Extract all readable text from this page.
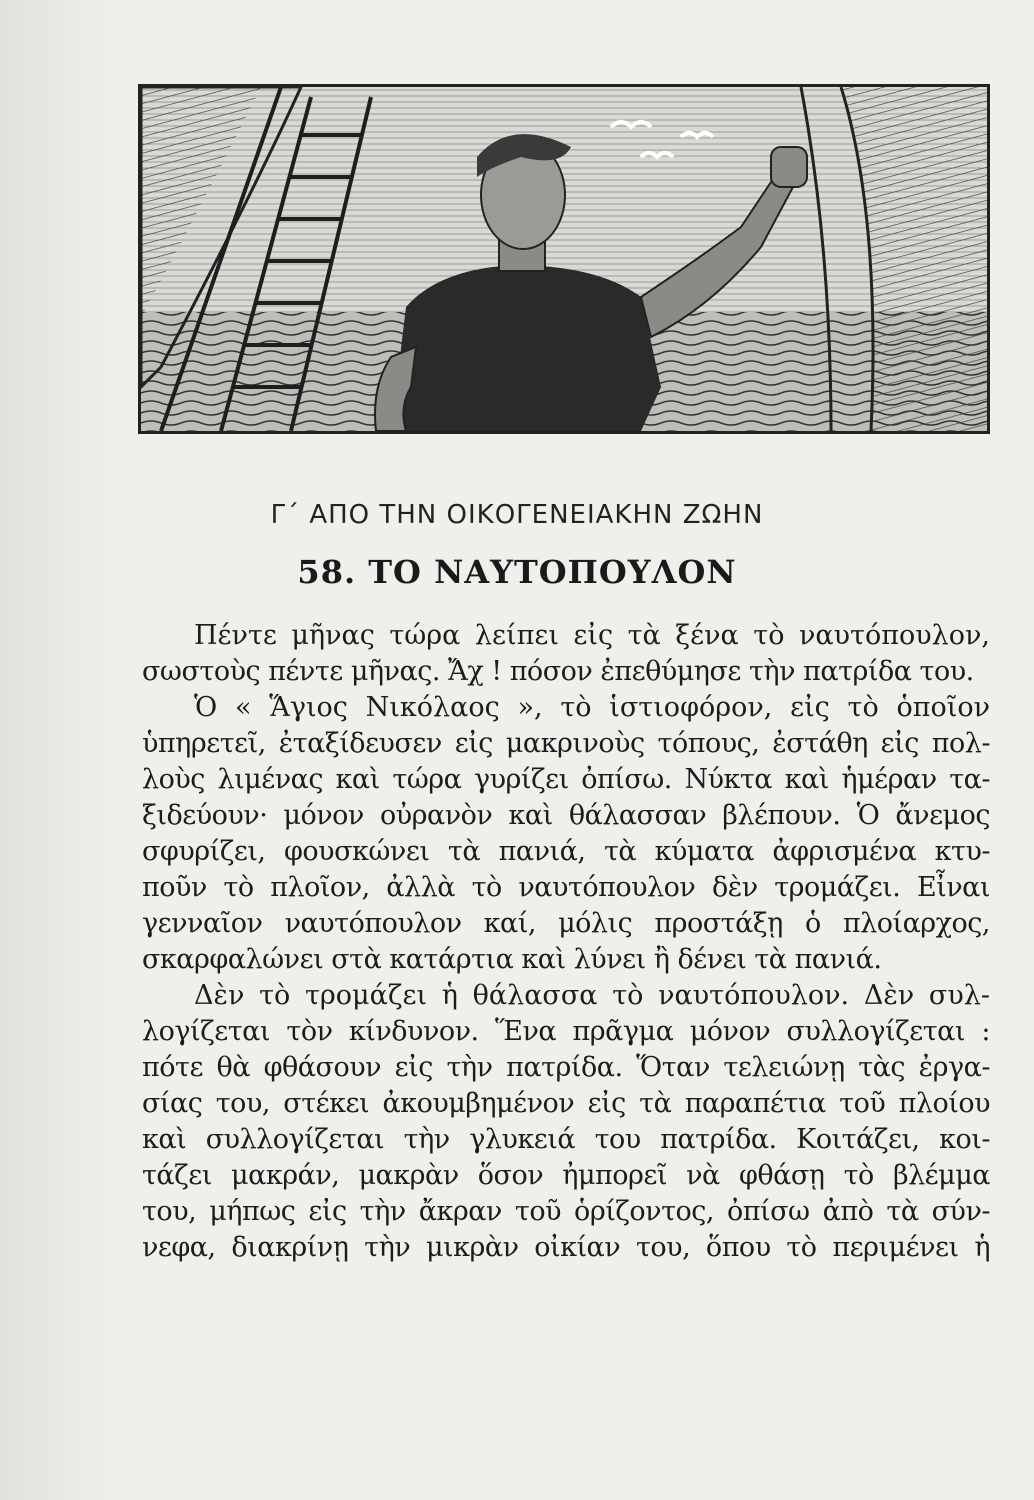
Γ΄ ΑΠΟ ΤΗΝ ΟΙΚΟΓΕΝΕΙΑΚΗΝ ΖΩΗΝ
58. ΤΟ ΝΑΥΤΟΠΟΥΛΟΝ
Πέντε μῆνας τώρα λείπει εἰς τὰ ξένα τὸ ναυτόπουλον,
σωστοὺς πέντε μῆνας. Ἄχ ! πόσον ἐπεθύμησε τὴν πατρίδα του.
Ὁ « Ἅγιος Νικόλαος », τὸ ἱστιοφόρον, εἰς τὸ ὁποῖον
ὑπηρετεῖ, ἐταξίδευσεν εἰς μακρινοὺς τόπους, ἐστάθη εἰς πολ-
λοὺς λιμένας καὶ τώρα γυρίζει ὀπίσω. Νύκτα καὶ ἡμέραν τα-
ξιδεύουν· μόνον οὐρανὸν καὶ θάλασσαν βλέπουν. Ὁ ἄνεμος
σφυρίζει, φουσκώνει τὰ πανιά, τὰ κύματα ἀφρισμένα κτυ-
ποῦν τὸ πλοῖον, ἀλλὰ τὸ ναυτόπουλον δὲν τρομάζει. Εἶναι
γενναῖον ναυτόπουλον καί, μόλις προστάξῃ ὁ πλοίαρχος,
σκαρφαλώνει στὰ κατάρτια καὶ λύνει ἢ δένει τὰ πανιά.
Δὲν τὸ τρομάζει ἡ θάλασσα τὸ ναυτόπουλον. Δὲν συλ-
λογίζεται τὸν κίνδυνον. Ἕνα πρᾶγμα μόνον συλλογίζεται :
πότε θὰ φθάσουν εἰς τὴν πατρίδα. Ὅταν τελειώνῃ τὰς ἐργα-
σίας του, στέκει ἀκουμβημένον εἰς τὰ παραπέτια τοῦ πλοίου
καὶ συλλογίζεται τὴν γλυκειά του πατρίδα. Κοιτάζει, κοι-
τάζει μακράν, μακρὰν ὅσον ἠμπορεῖ νὰ φθάσῃ τὸ βλέμμα
του, μήπως εἰς τὴν ἄκραν τοῦ ὁρίζοντος, ὀπίσω ἀπὸ τὰ σύν-
νεφα, διακρίνῃ τὴν μικρὰν οἰκίαν του, ὅπου τὸ περιμένει ἡ
